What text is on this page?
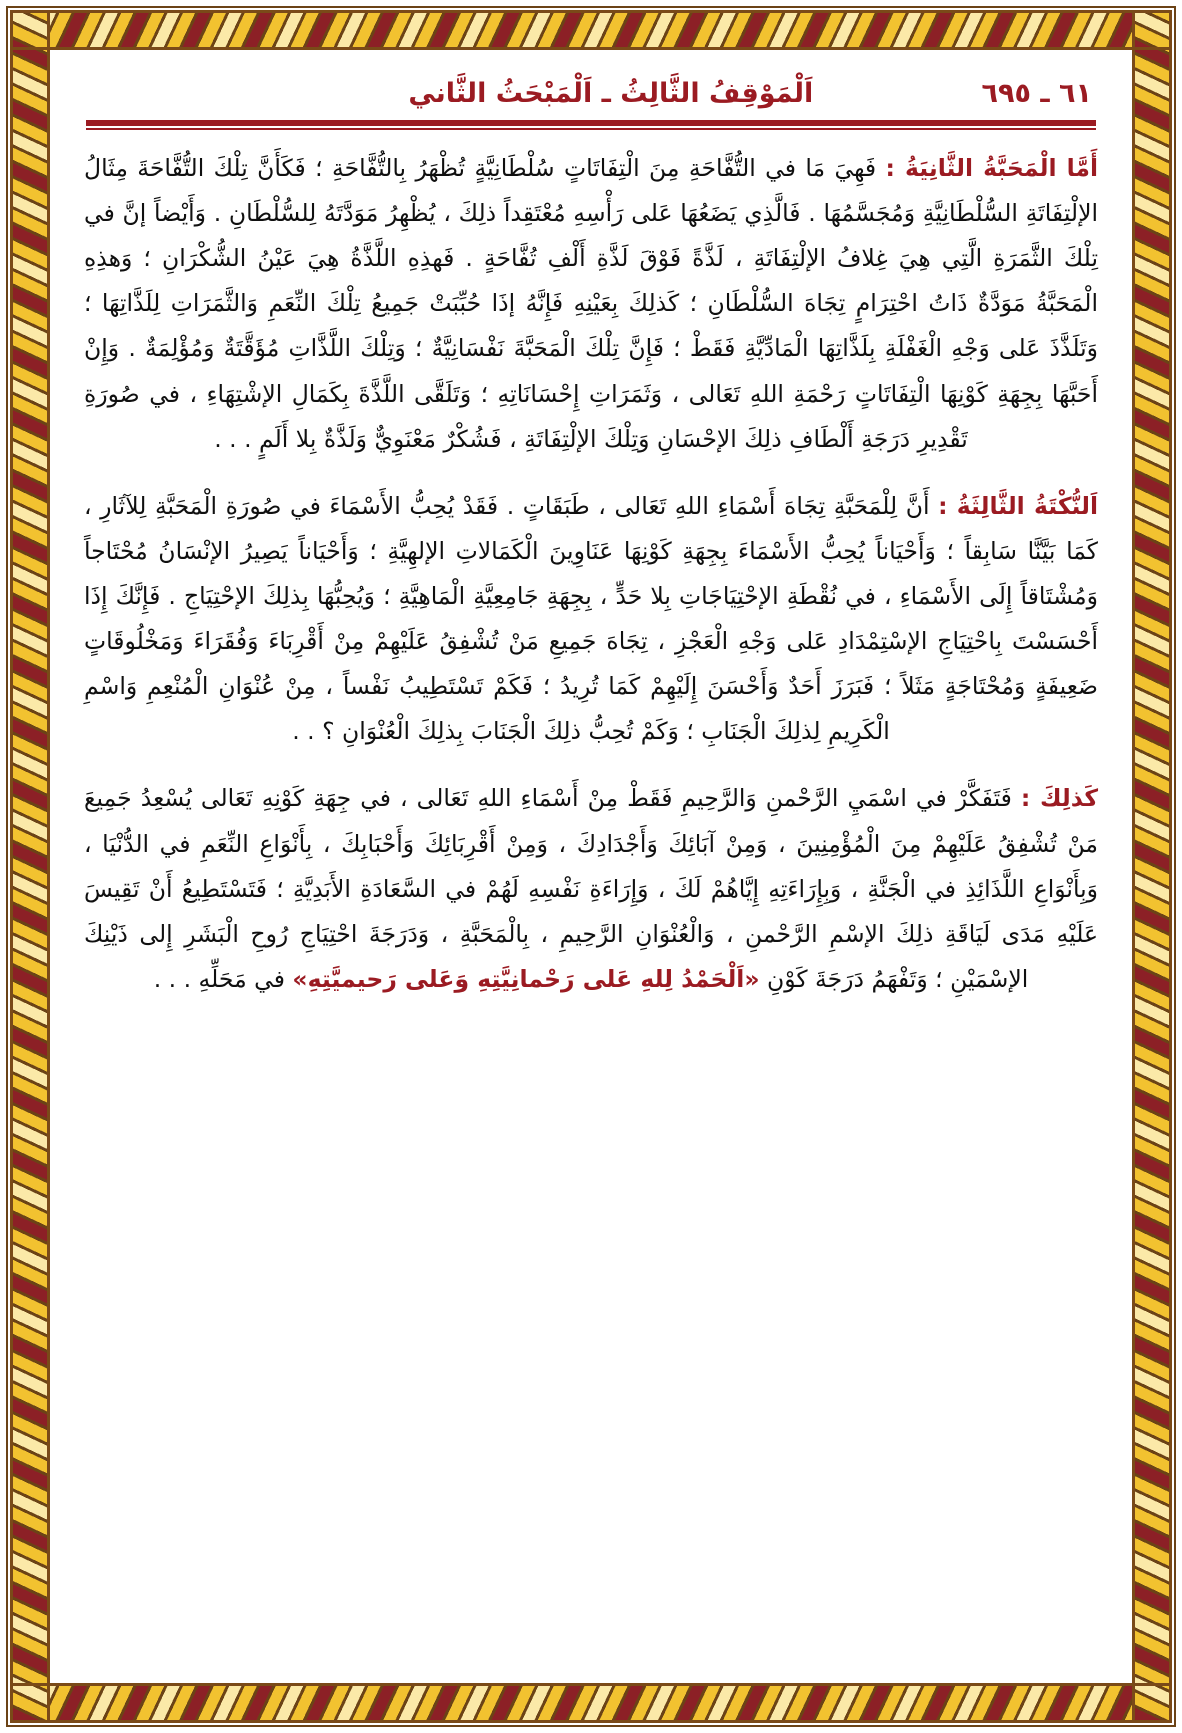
٦١ ـ ٦٩٥
اَلْمَوْقِفُ الثَّالِثُ ـ اَلْمَبْحَثُ الثَّاني

أَمَّا الْمَحَبَّةُ الثَّانِيَةُ : فَهِيَ مَا في التُّفَّاحَةِ مِنَ الْتِفَاتَاتٍ سُلْطَانِيَّةٍ تُظْهَرُ بِالتُّفَّاحَةِ ؛ فَكَأَنَّ تِلْكَ التُّفَّاحَةَ مِثَالُ الإلْتِفَاتَةِ السُّلْطَانِيَّةِ وَمُجَسَّمُهَا . فَالَّذِي يَضَعُهَا عَلى رَأْسِهِ مُعْتَقِداً ذلِكَ ، يُظْهِرُ مَوَدَّتَهُ لِلسُّلْطَانِ . وَأَيْضاً إنَّ في تِلْكَ الثَّمَرَةِ الَّتِي هِيَ غِلافُ الإلْتِفَاتَةِ ، لَذَّةً فَوْقَ لَذَّةِ أَلْفِ تُفَّاحَةٍ . فَهذِهِ اللَّذَّةُ هِيَ عَيْنُ الشُّكْرَانِ ؛ وَهذِهِ الْمَحَبَّةُ مَوَدَّةٌ ذَاتُ احْتِرَامٍ تِجَاهَ السُّلْطَانِ ؛ كَذلِكَ بِعَيْنِهِ فَإِنَّهُ إذَا حُبِّبَتْ جَمِيعُ تِلْكَ النِّعَمِ وَالثَّمَرَاتِ لِلَذَّاتِهَا ؛ وَتَلَذَّذَ عَلى وَجْهِ الْغَفْلَةِ بِلَذَّاتِهَا الْمَادِّيَّةِ فَقَطْ ؛ فَإِنَّ تِلْكَ الْمَحَبَّةَ نَفْسَانِيَّةٌ ؛ وَتِلْكَ اللَّذَّاتِ مُؤَقَّتَةٌ وَمُؤْلِمَةٌ . وَإِنْ أَحَبَّهَا بِجِهَةِ كَوْنِهَا الْتِفَاتَاتٍ رَحْمَةِ اللهِ تَعَالى ، وَثَمَرَاتِ إِحْسَانَاتِهِ ؛ وَتَلَقَّى اللَّذَّةَ بِكَمَالِ الإشْتِهَاءِ ، في صُورَةِ تَقْدِيرِ دَرَجَةِ أَلْطَافِ ذلِكَ الإحْسَانِ وَتِلْكَ الإلْتِفَاتَةِ ، فَشُكْرٌ مَعْنَوِيٌّ وَلَذَّةٌ بِلا أَلَمٍ . . .

اَلنُّكْتَةُ الثَّالِثَةُ : أَنَّ لِلْمَحَبَّةِ تِجَاهَ أَسْمَاءِ اللهِ تَعَالى ، طَبَقَاتٍ . فَقَدْ يُحِبُّ الأَسْمَاءَ في صُورَةِ الْمَحَبَّةِ لِلآثَارِ ، كَمَا بَيَّنَّا سَابِقاً ؛ وَأَحْيَاناً يُحِبُّ الأَسْمَاءَ بِجِهَةِ كَوْنِهَا عَنَاوِينَ الْكَمَالاتِ الإلهِيَّةِ ؛ وَأَحْيَاناً يَصِيرُ الإنْسَانُ مُحْتَاجاً وَمُشْتَاقاً إِلَى الأَسْمَاءِ ، في نُقْطَةِ الإحْتِيَاجَاتِ بِلا حَدٍّ ، بِجِهَةِ جَامِعِيَّةِ الْمَاهِيَّةِ ؛ وَيُحِبُّهَا بِذلِكَ الإحْتِيَاجِ . فَإِنَّكَ إِذَا أَحْسَسْتَ بِاحْتِيَاجِ الإسْتِمْدَادِ عَلى وَجْهِ الْعَجْزِ ، تِجَاهَ جَمِيعِ مَنْ تُشْفِقُ عَلَيْهِمْ مِنْ أَقْرِبَاءَ وَفُقَرَاءَ وَمَخْلُوقَاتٍ ضَعِيفَةٍ وَمُحْتَاجَةٍ مَثَلاً ؛ فَبَرَزَ أَحَدٌ وَأَحْسَنَ إِلَيْهِمْ كَمَا تُرِيدُ ؛ فَكَمْ تَسْتَطِيبُ نَفْساً ، مِنْ عُنْوَانِ الْمُنْعِمِ وَاسْمِ الْكَرِيمِ لِذلِكَ الْجَنَابِ ؛ وَكَمْ تُحِبُّ ذلِكَ الْجَنَابَ بِذلِكَ الْعُنْوَانِ ؟ . .

كَذلِكَ : فَتَفَكَّرْ في اسْمَيِ الرَّحْمنِ وَالرَّحِيمِ فَقَطْ مِنْ أَسْمَاءِ اللهِ تَعَالى ، في جِهَةِ كَوْنِهِ تَعَالى يُسْعِدُ جَمِيعَ مَنْ تُشْفِقُ عَلَيْهِمْ مِنَ الْمُؤْمِنِينَ ، وَمِنْ آبَائِكَ وَأَجْدَادِكَ ، وَمِنْ أَقْرِبَائِكَ وَأَحْبَابِكَ ، بِأَنْوَاعِ النِّعَمِ في الدُّنْيَا ، وَبِأَنْوَاعِ اللَّذَائِذِ في الْجَنَّةِ ، وَبِإِرَاءَتِهِ إِيَّاهُمْ لَكَ ، وَإِرَاءَةِ نَفْسِهِ لَهُمْ في السَّعَادَةِ الأَبَدِيَّةِ ؛ فَتَسْتَطِيعُ أَنْ تَقِيسَ عَلَيْهِ مَدَى لَيَاقَةِ ذلِكَ الإسْمِ الرَّحْمنِ ، وَالْعُنْوَانِ الرَّحِيمِ ، بِالْمَحَبَّةِ ، وَدَرَجَةَ احْتِيَاجِ رُوحِ الْبَشَرِ إِلى ذَيْنِكَ الإسْمَيْنِ ؛ وَتَفْهَمُ دَرَجَةَ كَوْنِ «اَلْحَمْدُ لِلهِ عَلى رَحْمانِيَّتِهِ وَعَلى رَحيميَّتِهِ» في مَحَلِّهِ . . .
